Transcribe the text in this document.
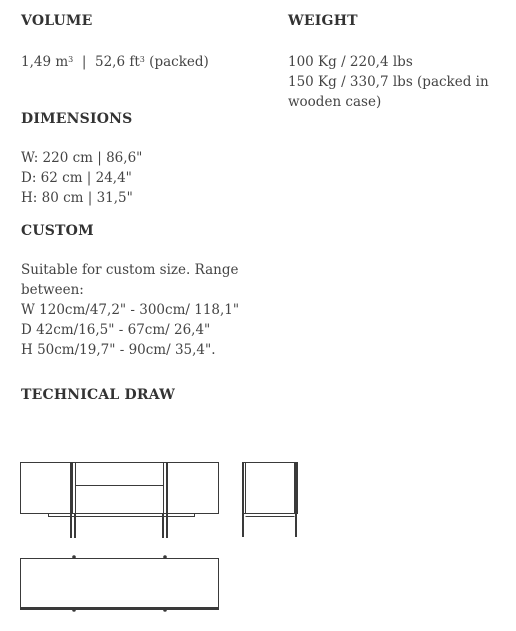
VOLUME

1,49 $m^3$ | 52,6 $ft^3$ (packed)

WEIGHT

100 Kg / 220,4 lbs

150 Kg / 330,7 lbs (packed in

wooden case)

DIMENSIONS

W: 220 cm | 86,6"

D: 62 cm | 24,4"

H: 80 cm | 31,5"

CUSTOM

Suitable for custom size. Range

between:

W 120cm/47,2" - 300cm/ 118,1"

D 42cm/16,5" - 67cm/ 26,4"

H 50cm/19,7" - 90cm/ 35,4".

TECHNICAL DRAW
